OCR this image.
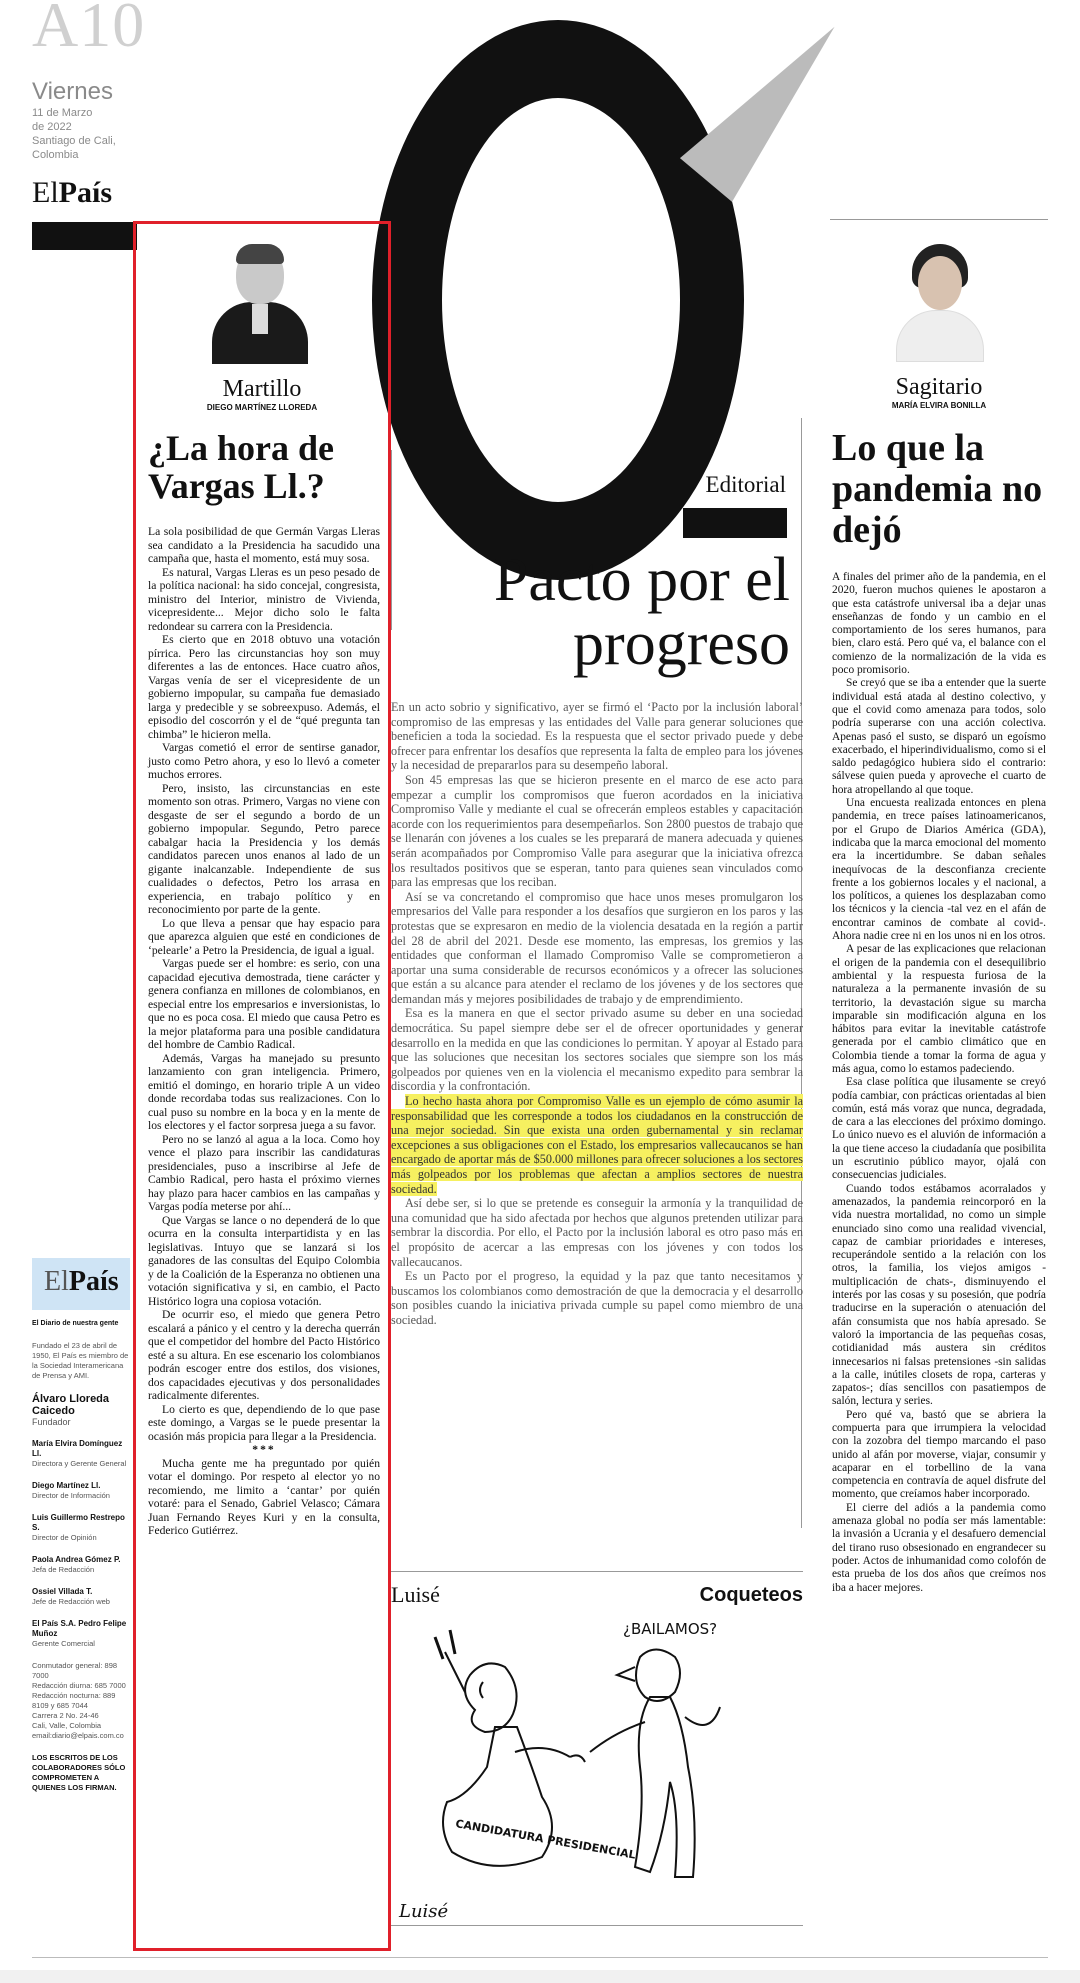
A10
Viernes
11 de Marzo
de 2022
Santiago de Cali,
Colombia
ElPaís
Martillo
DIEGO MARTÍNEZ LLOREDA
¿La hora de Vargas Ll.?

La sola posibilidad de que Germán Vargas Lleras sea candidato a la Presidencia ha sacudido una campaña que, hasta el momento, está muy sosa.

Es natural, Vargas Lleras es un peso pesado de la política nacional: ha sido concejal, congresista, ministro del Interior, ministro de Vivienda, vicepresidente... Mejor dicho solo le falta redondear su carrera con la Presidencia.

Es cierto que en 2018 obtuvo una votación pírrica. Pero las circunstancias hoy son muy diferentes a las de entonces. Hace cuatro años, Vargas venía de ser el vicepresidente de un gobierno impopular, su campaña fue demasiado larga y predecible y se sobreexpuso. Además, el episodio del coscorrón y el de “qué pregunta tan chimba” le hicieron mella.

Vargas cometió el error de sentirse ganador, justo como Petro ahora, y eso lo llevó a cometer muchos errores.

Pero, insisto, las circunstancias en este momento son otras. Primero, Vargas no viene con desgaste de ser el segundo a bordo de un gobierno impopular. Segundo, Petro parece cabalgar hacia la Presidencia y los demás candidatos parecen unos enanos al lado de un gigante inalcanzable. Independiente de sus cualidades o defectos, Petro los arrasa en experiencia, en trabajo político y en reconocimiento por parte de la gente.

Lo que lleva a pensar que hay espacio para que aparezca alguien que esté en condiciones de ‘pelearle’ a Petro la Presidencia, de igual a igual.

Vargas puede ser el hombre: es serio, con una capacidad ejecutiva demostrada, tiene carácter y genera confianza en millones de colombianos, en especial entre los empresarios e inversionistas, lo que no es poca cosa. El miedo que causa Petro es la mejor plataforma para una posible candidatura del hombre de Cambio Radical.

Además, Vargas ha manejado su presunto lanzamiento con gran inteligencia. Primero, emitió el domingo, en horario triple A un video donde recordaba todas sus realizaciones. Con lo cual puso su nombre en la boca y en la mente de los electores y el factor sorpresa juega a su favor.

Pero no se lanzó al agua a la loca. Como hoy vence el plazo para inscribir las candidaturas presidenciales, puso a inscribirse al Jefe de Cambio Radical, pero hasta el próximo viernes hay plazo para hacer cambios en las campañas y Vargas podía meterse por ahí...

Que Vargas se lance o no dependerá de lo que ocurra en la consulta interpartidista y en las legislativas. Intuyo que se lanzará si los ganadores de las consultas del Equipo Colombia y de la Coalición de la Esperanza no obtienen una votación significativa y si, en cambio, el Pacto Histórico logra una copiosa votación.

De ocurrir eso, el miedo que genera Petro escalará a pánico y el centro y la derecha querrán que el competidor del hombre del Pacto Histórico esté a su altura. En ese escenario los colombianos podrán escoger entre dos estilos, dos visiones, dos capacidades ejecutivas y dos personalidades radicalmente diferentes.

Lo cierto es que, dependiendo de lo que pase este domingo, a Vargas se le puede presentar la ocasión más propicia para llegar a la Presidencia.

***

Mucha gente me ha preguntado por quién votar el domingo. Por respeto al elector yo no recomiendo, me limito a ‘cantar’ por quién votaré: para el Senado, Gabriel Velasco; Cámara Juan Fernando Reyes Kuri y en la consulta, Federico Gutiérrez.

ElPaís
El Diario de nuestra gente
Fundado el 23 de abril de 1950, El País es miembro de la Sociedad Interamericana de Prensa y AMI.
Álvaro Lloreda Caicedo
Fundador
María Elvira Domínguez Ll.
Directora y Gerente General
Diego Martínez Ll.
Director de Información
Luis Guillermo Restrepo S.
Director de Opinión
Paola Andrea Gómez P.
Jefa de Redacción
Ossiel Villada T.
Jefe de Redacción web
El País S.A. Pedro Felipe Muñoz
Gerente Comercial
Conmutador general: 898 7000
Redacción diurna: 685 7000
Redacción nocturna: 889 8109 y 685 7044
Carrera 2 No. 24-46
Cali, Valle, Colombia
email:diario@elpais.com.co
LOS ESCRITOS DE LOS COLABORADORES SÓLO COMPROMETEN A QUIENES LOS FIRMAN.
Editorial
Pacto por el progreso

En un acto sobrio y significativo, ayer se firmó el ‘Pacto por la inclusión laboral’ compromiso de las empresas y las entidades del Valle para generar soluciones que beneficien a toda la sociedad. Es la respuesta que el sector privado puede y debe ofrecer para enfrentar los desafíos que representa la falta de empleo para los jóvenes y la necesidad de prepararlos para su desempeño laboral.

Son 45 empresas las que se hicieron presente en el marco de ese acto para empezar a cumplir los compromisos que fueron acordados en la iniciativa Compromiso Valle y mediante el cual se ofrecerán empleos estables y capacitación acorde con los requerimientos para desempeñarlos. Son 2800 puestos de trabajo que se llenarán con jóvenes a los cuales se les preparará de manera adecuada y quienes serán acompañados por Compromiso Valle para asegurar que la iniciativa ofrezca los resultados positivos que se esperan, tanto para quienes sean vinculados como para las empresas que los reciban.

Así se va concretando el compromiso que hace unos meses promulgaron los empresarios del Valle para responder a los desafíos que surgieron en los paros y las protestas que se expresaron en medio de la violencia desatada en la región a partir del 28 de abril del 2021. Desde ese momento, las empresas, los gremios y las entidades que conforman el llamado Compromiso Valle se comprometieron a aportar una suma considerable de recursos económicos y a ofrecer las soluciones que están a su alcance para atender el reclamo de los jóvenes y de los sectores que demandan más y mejores posibilidades de trabajo y de emprendimiento.

Esa es la manera en que el sector privado asume su deber en una sociedad democrática. Su papel siempre debe ser el de ofrecer oportunidades y generar desarrollo en la medida en que las condiciones lo permitan. Y apoyar al Estado para que las soluciones que necesitan los sectores sociales que siempre son los más golpeados por quienes ven en la violencia el mecanismo expedito para sembrar la discordia y la confrontación.

Lo hecho hasta ahora por Compromiso Valle es un ejemplo de cómo asumir la responsabilidad que les corresponde a todos los ciudadanos en la construcción de una mejor sociedad. Sin que exista una orden gubernamental y sin reclamar excepciones a sus obligaciones con el Estado, los empresarios vallecaucanos se han encargado de aportar más de $50.000 millones para ofrecer soluciones a los sectores más golpeados por los problemas que afectan a amplios sectores de nuestra sociedad.

Así debe ser, si lo que se pretende es conseguir la armonía y la tranquilidad de una comunidad que ha sido afectada por hechos que algunos pretenden utilizar para sembrar la discordia. Por ello, el Pacto por la inclusión laboral es otro paso más en el propósito de acercar a las empresas con los jóvenes y con todos los vallecaucanos.

Es un Pacto por el progreso, la equidad y la paz que tanto necesitamos y buscamos los colombianos como demostración de que la democracia y el desarrollo son posibles cuando la iniciativa privada cumple su papel como miembro de una sociedad.

Luisé	Coqueteos
¿BAILAMOS?
CANDIDATURA PRESIDENCIAL
Luisé
Sagitario
MARÍA ELVIRA BONILLA
Lo que la pandemia no dejó

A finales del primer año de la pandemia, en el 2020, fueron muchos quienes le apostaron a que esta catástrofe universal iba a dejar unas enseñanzas de fondo y un cambio en el comportamiento de los seres humanos, para bien, claro está. Pero qué va, el balance con el comienzo de la normalización de la vida es poco promisorio.

Se creyó que se iba a entender que la suerte individual está atada al destino colectivo, y que el covid como amenaza para todos, solo podría superarse con una acción colectiva. Apenas pasó el susto, se disparó un egoísmo exacerbado, el hiperindividualismo, como si el saldo pedagógico hubiera sido el contrario: sálvese quien pueda y aproveche el cuarto de hora atropellando al que toque.

Una encuesta realizada entonces en plena pandemia, en trece países latinoamericanos, por el Grupo de Diarios América (GDA), indicaba que la marca emocional del momento era la incertidumbre. Se daban señales inequívocas de la desconfianza creciente frente a los gobiernos locales y el nacional, a los políticos, a quienes los desplazaban como los técnicos y la ciencia -tal vez en el afán de encontrar caminos de combate al covid-. Ahora nadie cree ni en los unos ni en los otros.

A pesar de las explicaciones que relacionan el origen de la pandemia con el desequilibrio ambiental y la respuesta furiosa de la naturaleza a la permanente invasión de su territorio, la devastación sigue su marcha imparable sin modificación alguna en los hábitos para evitar la inevitable catástrofe generada por el cambio climático que en Colombia tiende a tomar la forma de agua y más agua, como lo estamos padeciendo.

Esa clase política que ilusamente se creyó podía cambiar, con prácticas orientadas al bien común, está más voraz que nunca, degradada, de cara a las elecciones del próximo domingo. Lo único nuevo es el aluvión de información a la que tiene acceso la ciudadanía que posibilita un escrutinio público mayor, ojalá con consecuencias judiciales.

Cuando todos estábamos acorralados y amenazados, la pandemia reincorporó en la vida nuestra mortalidad, no como un simple enunciado sino como una realidad vivencial, capaz de cambiar prioridades e intereses, recuperándole sentido a la relación con los otros, la familia, los viejos amigos -multiplicación de chats-, disminuyendo el interés por las cosas y su posesión, que podría traducirse en la superación o atenuación del afán consumista que nos había apresado. Se valoró la importancia de las pequeñas cosas, cotidianidad más austera sin créditos innecesarios ni falsas pretensiones -sin salidas a la calle, inútiles closets de ropa, carteras y zapatos-; días sencillos con pasatiempos de salón, lectura y series.

Pero qué va, bastó que se abriera la compuerta para que irrumpiera la velocidad con la zozobra del tiempo marcando el paso unido al afán por moverse, viajar, consumir y acaparar en el torbellino de la vana competencia en contravía de aquel disfrute del momento, que creíamos haber incorporado.

El cierre del adiós a la pandemia como amenaza global no podía ser más lamentable: la invasión a Ucrania y el desafuero demencial del tirano ruso obsesionado en engrandecer su poder. Actos de inhumanidad como colofón de esta prueba de los dos años que creímos nos iba a hacer mejores.
